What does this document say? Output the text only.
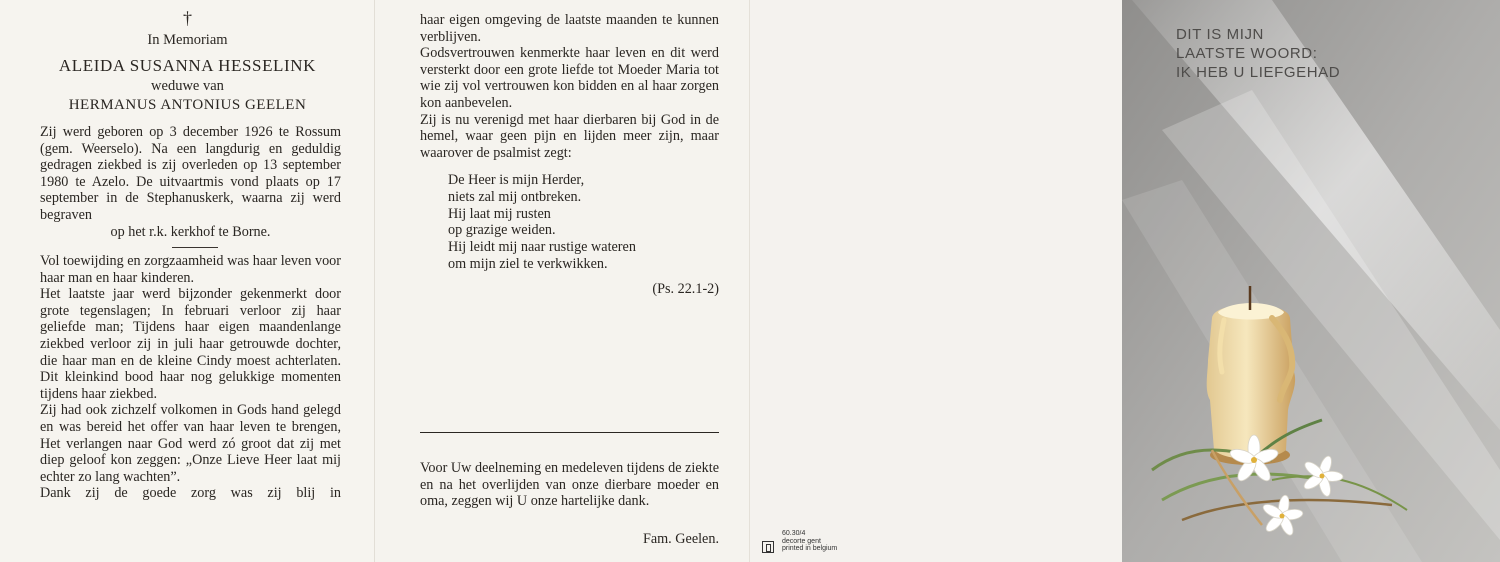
†
In Memoriam
ALEIDA SUSANNA HESSELINK
weduwe van
HERMANUS ANTONIUS GEELEN
Zij werd geboren op 3 december 1926 te Rossum (gem. Weerselo). Na een langdurig en geduldig gedragen ziekbed is zij overleden op 13 september 1980 te Azelo. De uitvaartmis vond plaats op 17 september in de Stephanuskerk, waarna zij werd begraven
op het r.k. kerkhof te Borne.
Vol toewijding en zorgzaamheid was haar leven voor haar man en haar kinderen.
Het laatste jaar werd bijzonder gekenmerkt door grote tegenslagen; In februari verloor zij haar geliefde man; Tijdens haar eigen maandenlange ziekbed verloor zij in juli haar getrouwde dochter, die haar man en de kleine Cindy moest achterlaten. Dit kleinkind bood haar nog gelukkige momenten tijdens haar ziekbed.
Zij had ook zichzelf volkomen in Gods hand gelegd en was bereid het offer van haar leven te brengen, Het verlangen naar God werd zó groot dat zij met diep geloof kon zeggen: „Onze Lieve Heer laat mij echter zo lang wachten”.
Dank zij de goede zorg was zij blij in
haar eigen omgeving de laatste maanden te kunnen verblijven.
Godsvertrouwen kenmerkte haar leven en dit werd versterkt door een grote liefde tot Moeder Maria tot wie zij vol vertrouwen kon bidden en al haar zorgen kon aanbevelen.
Zij is nu verenigd met haar dierbaren bij God in de hemel, waar geen pijn en lijden meer zijn, maar waarover de psalmist zegt:
De Heer is mijn Herder,
niets zal mij ontbreken.
Hij laat mij rusten
op grazige weiden.
Hij leidt mij naar rustige wateren
om mijn ziel te verkwikken.
(Ps. 22.1-2)
Voor Uw deelneming en medeleven tijdens de ziekte en na het overlijden van onze dierbare moeder en oma, zeggen wij U onze hartelijke dank.
Fam. Geelen.	60.30/4
decorte gent
printed in belgium
DIT IS MIJN
LAATSTE WOORD:
IK HEB U LIEFGEHAD
